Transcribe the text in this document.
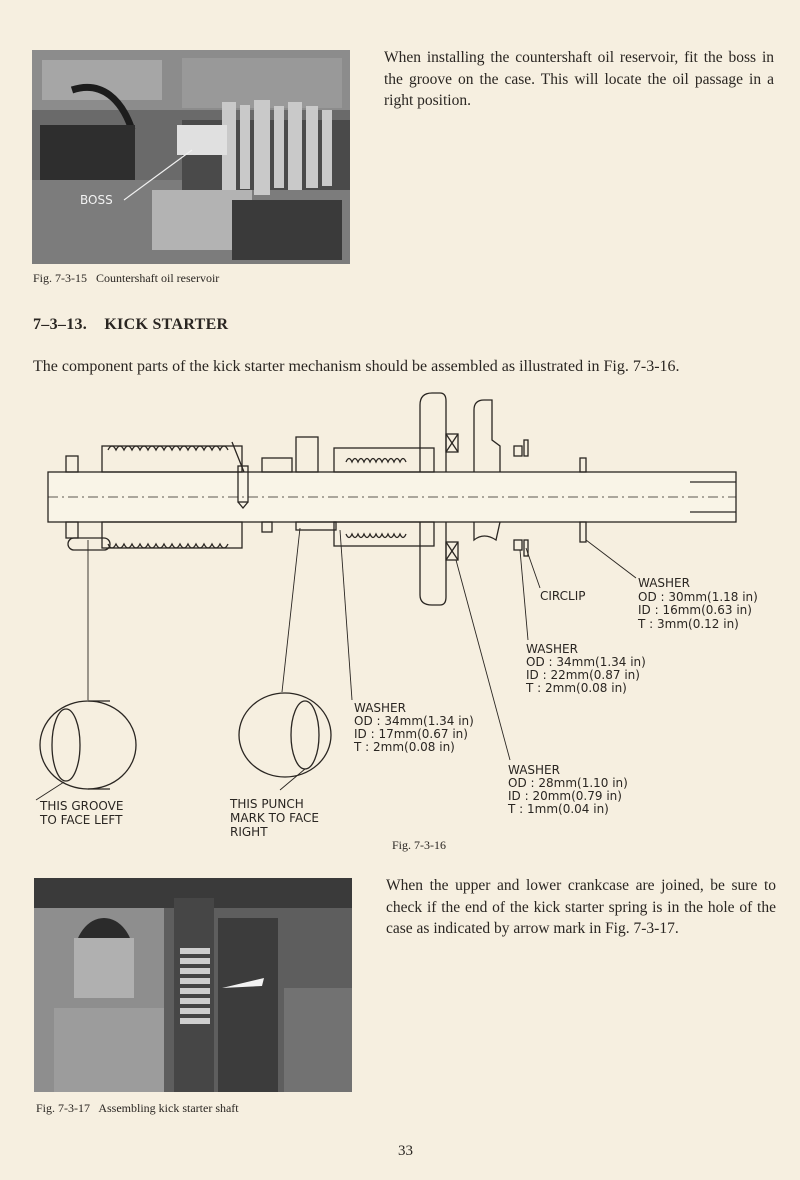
BOSS
Fig. 7-3-15   Countershaft oil reservoir
When installing the countershaft oil reservoir, fit the boss in the groove on the case. This will locate the oil passage in a right position.
7–3–13. KICK STARTER
The component parts of the kick starter mechanism should be assembled as illustrated in Fig. 7-3-16.
WASHER
OD : 30mm(1.18 in)
ID : 16mm(0.63 in)
T : 3mm(0.12 in)
CIRCLIP
WASHER
OD : 34mm(1.34 in)
ID : 22mm(0.87 in)
T : 2mm(0.08 in)
WASHER
OD : 34mm(1.34 in)
ID : 17mm(0.67 in)
T : 2mm(0.08 in)
WASHER
OD : 28mm(1.10 in)
ID : 20mm(0.79 in)
T : 1mm(0.04 in)
THIS GROOVE
TO FACE LEFT
THIS PUNCH
MARK TO FACE
RIGHT
Fig. 7-3-16
Fig. 7-3-17   Assembling kick starter shaft
When the upper and lower crankcase are joined, be sure to check if the end of the kick starter spring is in the hole of the case as indicated by arrow mark in Fig. 7-3-17.
33
